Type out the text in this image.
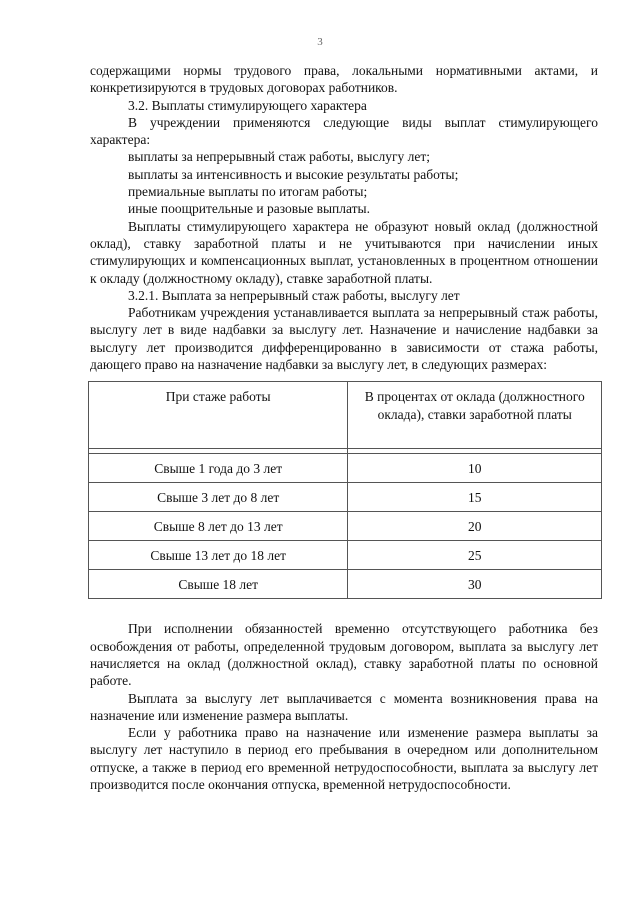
3

содержащими нормы трудового права, локальными нормативными актами, и конкретизируются в трудовых договорах работников.

3.2. Выплаты стимулирующего характера

В учреждении применяются следующие виды выплат стимулирующего характера:

выплаты за непрерывный стаж работы, выслугу лет;

выплаты за интенсивность и высокие результаты работы;

премиальные выплаты по итогам работы;

иные поощрительные и разовые выплаты.

Выплаты стимулирующего характера не образуют новый оклад (должностной оклад), ставку заработной платы и не учитываются при начислении иных стимулирующих и компенсационных выплат, установленных в процентном отношении к окладу (должностному окладу), ставке заработной платы.

3.2.1. Выплата за непрерывный стаж работы, выслугу лет

Работникам учреждения устанавливается выплата за непрерывный стаж работы, выслугу лет в виде надбавки за выслугу лет. Назначение и начисление надбавки за выслугу лет производится дифференцированно в зависимости от стажа работы, дающего право на назначение надбавки за выслугу лет, в следующих размерах:

При стаже работы	В процентах от оклада (должностного оклада), ставки заработной платы

Свыше 1 года до 3 лет	10
Свыше 3 лет до 8 лет	15
Свыше 8 лет до 13 лет	20
Свыше 13 лет до 18 лет	25
Свыше 18 лет	30

При исполнении обязанностей временно отсутствующего работника без освобождения от работы, определенной трудовым договором, выплата за выслугу лет начисляется на оклад (должностной оклад), ставку заработной платы по основной работе.

Выплата за выслугу лет выплачивается с момента возникновения права на назначение или изменение размера выплаты.

Если у работника право на назначение или изменение размера выплаты за выслугу лет наступило в период его пребывания в очередном или дополнительном отпуске, а также в период его временной нетрудоспособности, выплата за выслугу лет производится после окончания отпуска, временной нетрудоспособности.
